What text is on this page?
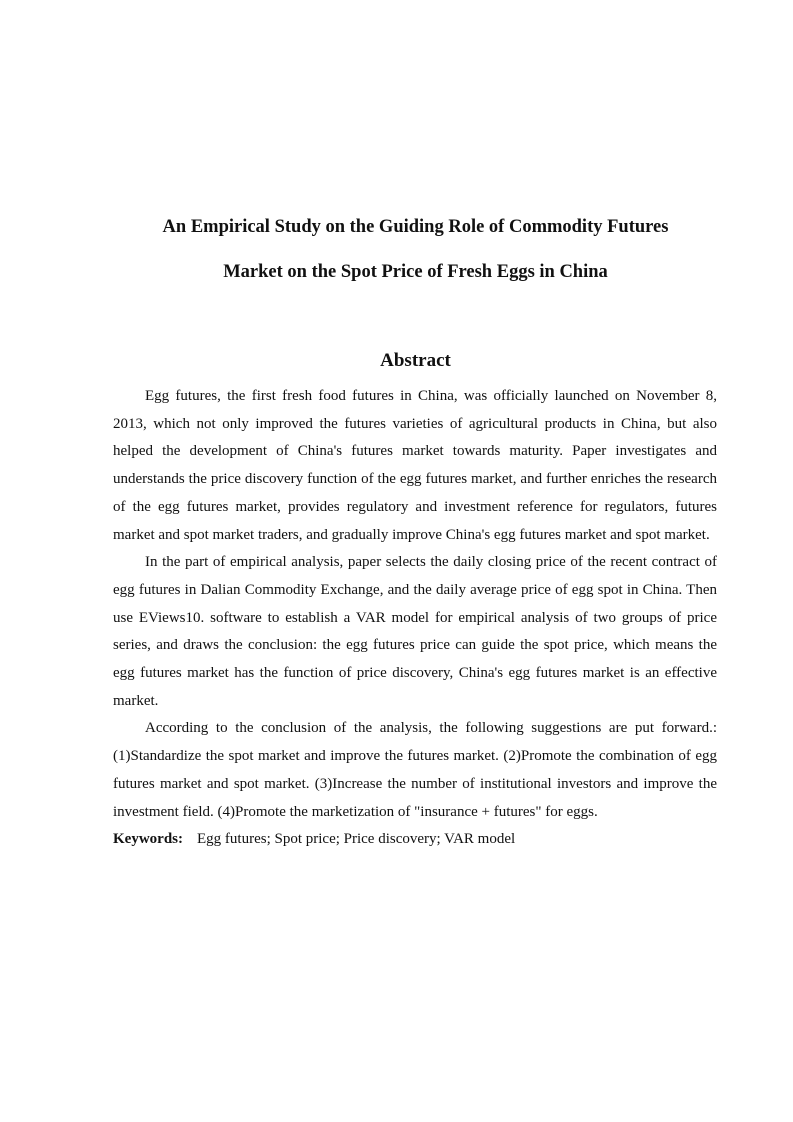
An Empirical Study on the Guiding Role of Commodity Futures
Market on the Spot Price of Fresh Eggs in China
Abstract

Egg futures, the first fresh food futures in China, was officially launched on November 8, 2013, which not only improved the futures varieties of agricultural products in China, but also helped the development of China's futures market towards maturity. Paper investigates and understands the price discovery function of the egg futures market, and further enriches the research of the egg futures market, provides regulatory and investment reference for regulators, futures market and spot market traders, and gradually improve China's egg futures market and spot market.

In the part of empirical analysis, paper selects the daily closing price of the recent contract of egg futures in Dalian Commodity Exchange, and the daily average price of egg spot in China. Then use EViews10. software to establish a VAR model for empirical analysis of two groups of price series, and draws the conclusion: the egg futures price can guide the spot price, which means the egg futures market has the function of price discovery, China's egg futures market is an effective market.

According to the conclusion of the analysis, the following suggestions are put forward.: (1)Standardize the spot market and improve the futures market. (2)Promote the combination of egg futures market and spot market. (3)Increase the number of institutional investors and improve the investment field. (4)Promote the marketization of "insurance + futures" for eggs.

Keywords: Egg futures; Spot price; Price discovery; VAR model
